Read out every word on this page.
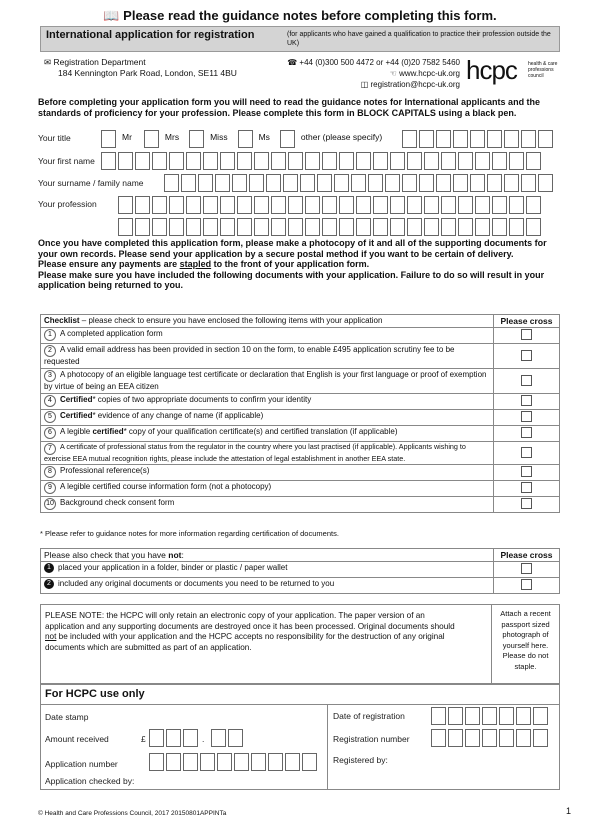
📖 Please read the guidance notes before completing this form.
International application for registration	(for applicants who have gained a qualification to practice their profession outside the UK)
✉ Registration Department
184 Kennington Park Road, London, SE11 4BU
☎ +44 (0)300 500 4472 or +44 (0)20 7582 5460
☜ www.hcpc-uk.org
◫ registration@hcpc-uk.org hcpc health & care
professions
council
Before completing your application form you will need to read the guidance notes for International applicants and the standards of proficiency for your profession. Please complete this form in BLOCK CAPITALS using a black pen.
Your title	Mr	Mrs	Miss	Ms	other (please specify)
Your first name
Your surname / family name
Your profession
Once you have completed this application form, please make a photocopy of it and all of the supporting documents for your own records. Please send your application by a secure postal method if you want to be certain of delivery.
Please ensure any payments are stapled to the front of your application form.
Please make sure you have included the following documents with your application. Failure to do so will result in your application being returned to you.
Checklist – please check to ensure you have enclosed the following items with your application	Please cross
1 A completed application form	
2 A valid email address has been provided in section 10 on the form, to enable £495 application scrutiny fee to be requested	
3 A photocopy of an eligible language test certificate or declaration that English is your first language or proof of exemption by virtue of being an EEA citizen	
4 Certified* copies of two appropriate documents to confirm your identity	
5 Certified* evidence of any change of name (if applicable)	
6 A legible certified* copy of your qualification certificate(s) and certified translation (if applicable)	
7 A certificate of professional status from the regulator in the country where you last practised (if applicable). Applicants wishing to exercise EEA mutual recognition rights, please include the attestation of legal establishment in another EEA state.	
8 Professional reference(s)	
9 A legible certified course information form (not a photocopy)	
10 Background check consent form	
* Please refer to guidance notes for more information regarding certification of documents.
Please also check that you have not:	Please cross
1 placed your application in a folder, binder or plastic / paper wallet	
2 included any original documents or documents you need to be returned to you	
PLEASE NOTE: the HCPC will only retain an electronic copy of your application. The paper version of an application and any supporting documents are destroyed once it has been processed. Original documents should not be included with your application and the HCPC accepts no responsibility for the destruction of any original documents which are submitted as part of an application.
Attach a recent
passport sized
photograph of
yourself here.
Please do not
staple.
For HCPC use only
Date stamp
Amount received	£	.
Application number
Application checked by:
Date of registration
Registration number
Registered by:
© Health and Care Professions Council, 2017 20150801APPINTa	1
